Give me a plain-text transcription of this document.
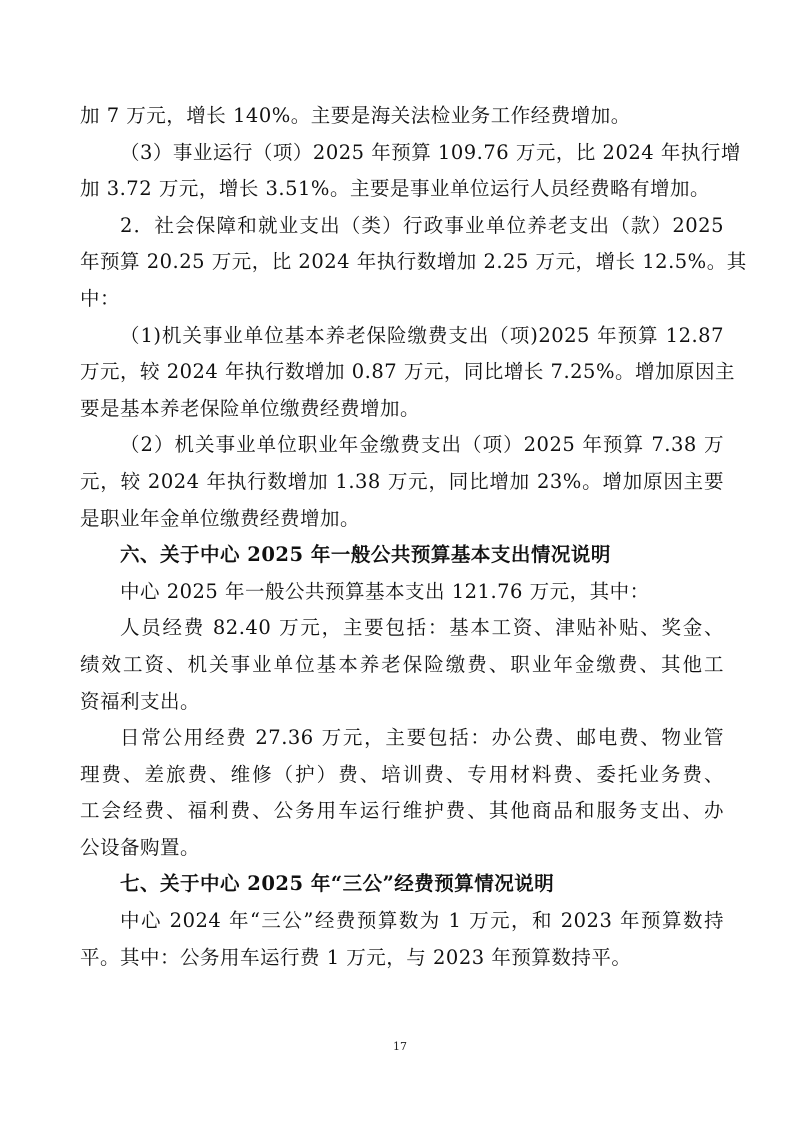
加 7 万元，增长 140%。主要是海关法检业务工作经费增加。
（3）事业运行（项）2025 年预算 109.76 万元，比 2024 年执行增
加 3.72 万元，增长 3.51%。主要是事业单位运行人员经费略有增加。
2．社会保障和就业支出（类）行政事业单位养老支出（款）2025
年预算 20.25 万元，比 2024 年执行数增加 2.25 万元，增长 12.5%。其
中：
（1)机关事业单位基本养老保险缴费支出（项)2025 年预算 12.87
万元，较 2024 年执行数增加 0.87 万元，同比增长 7.25%。增加原因主
要是基本养老保险单位缴费经费增加。
（2）机关事业单位职业年金缴费支出（项）2025 年预算 7.38 万
元，较 2024 年执行数增加 1.38 万元，同比增加 23%。增加原因主要
是职业年金单位缴费经费增加。
六、关于中心 2025 年一般公共预算基本支出情况说明
中心 2025 年一般公共预算基本支出 121.76 万元，其中：
人员经费 82.40 万元，主要包括：基本工资、津贴补贴、奖金、
绩效工资、机关事业单位基本养老保险缴费、职业年金缴费、其他工
资福利支出。
日常公用经费 27.36 万元，主要包括：办公费、邮电费、物业管
理费、差旅费、维修（护）费、培训费、专用材料费、委托业务费、
工会经费、福利费、公务用车运行维护费、其他商品和服务支出、办
公设备购置。
七、关于中心 2025 年“三公”经费预算情况说明
中心 2024 年“三公”经费预算数为 1 万元，和 2023 年预算数持
平。其中：公务用车运行费 1 万元，与 2023 年预算数持平。
17
